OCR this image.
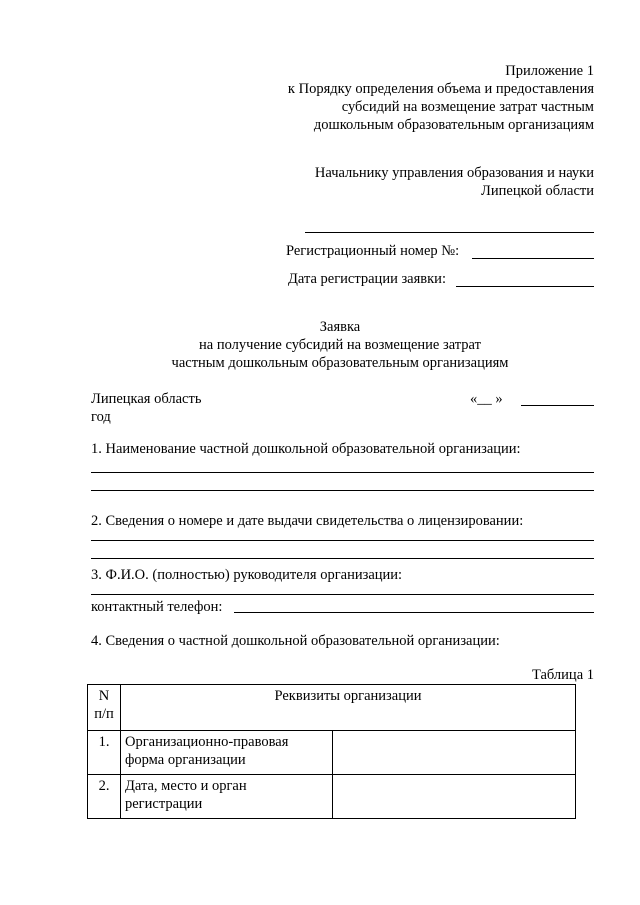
Приложение 1
к Порядку определения объема и предоставления
субсидий на возмещение затрат частным
дошкольным образовательным организациям
Начальнику управления образования и науки
Липецкой области
Регистрационный номер №:
Дата регистрации заявки:
Заявка
на получение субсидий на возмещение затрат
частным дошкольным образовательным организациям
Липецкая область	«__ »
год
1. Наименование частной дошкольной образовательной организации:
2. Сведения о номере и дате выдачи свидетельства о лицензировании:
3. Ф.И.О. (полностью) руководителя организации:
контактный телефон:
4. Сведения о частной дошкольной образовательной организации:
Таблица 1
N
п/п	Реквизиты организации	

1.	Организационно-правовая
форма организации	

2.	Дата, место и орган
регистрации	
